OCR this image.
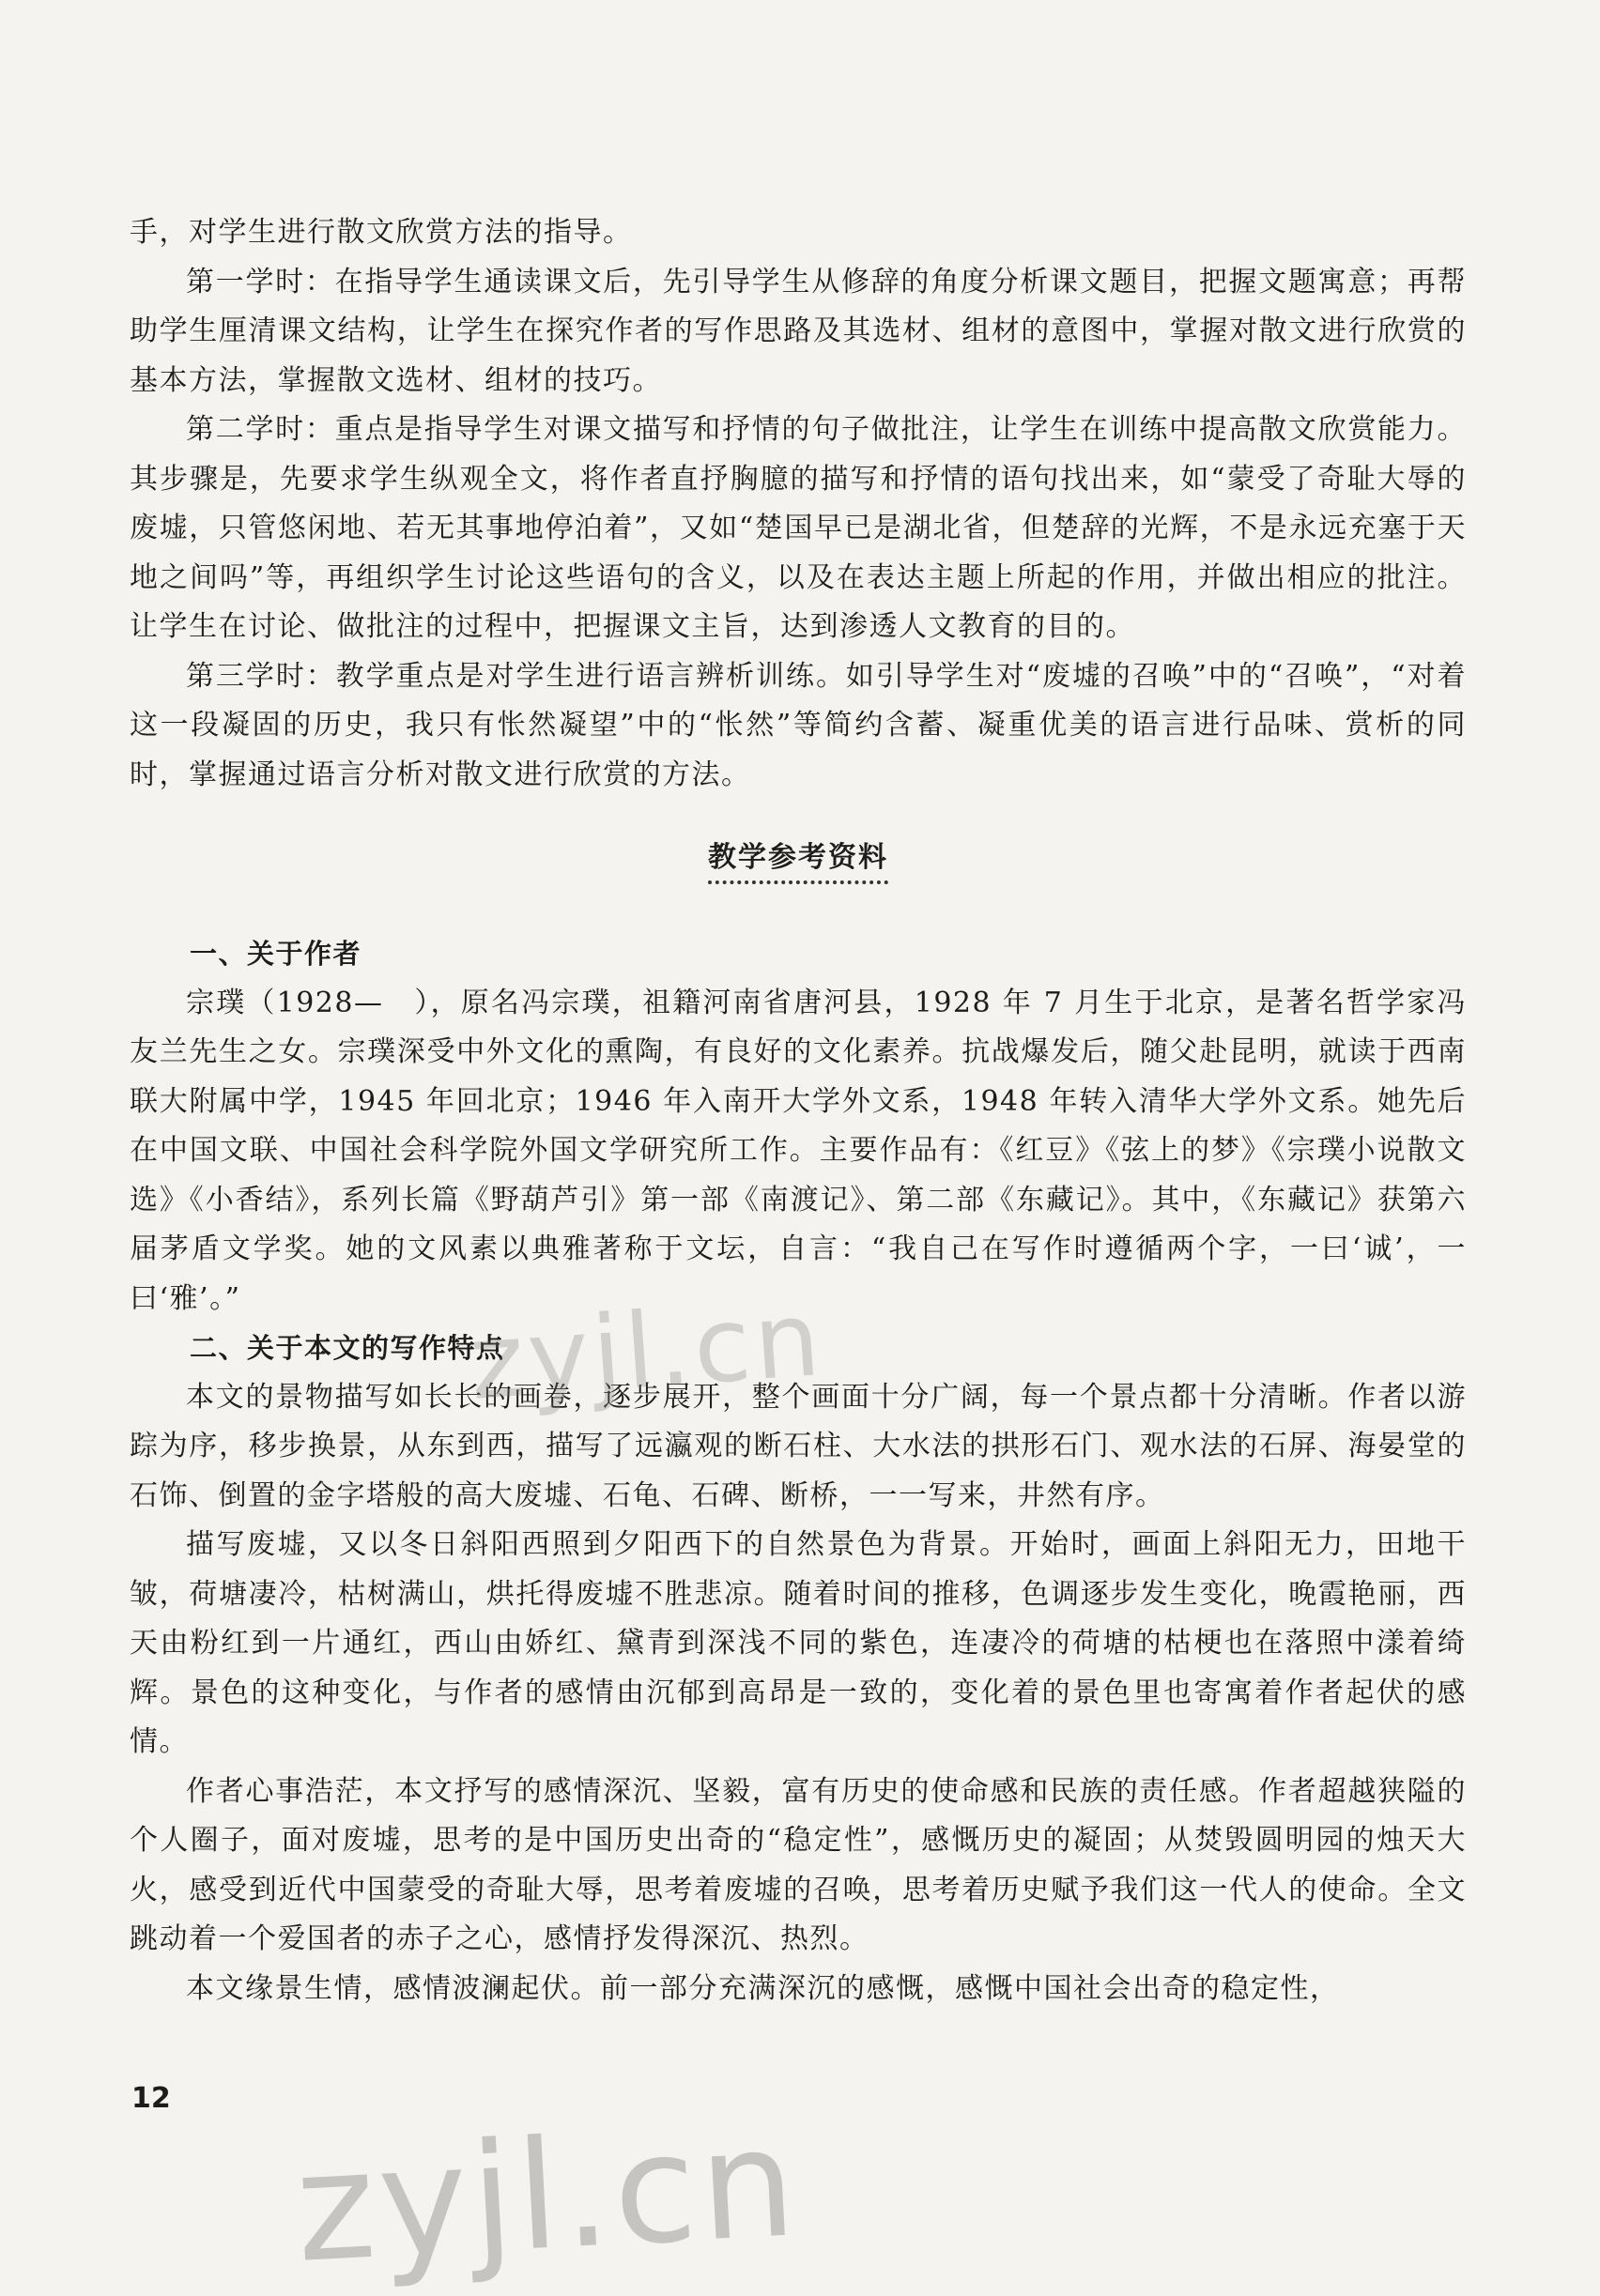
手，对学生进行散文欣赏方法的指导。

第一学时：在指导学生通读课文后，先引导学生从修辞的角度分析课文题目，把握文题寓意；再帮助学生厘清课文结构，让学生在探究作者的写作思路及其选材、组材的意图中，掌握对散文进行欣赏的基本方法，掌握散文选材、组材的技巧。

第二学时：重点是指导学生对课文描写和抒情的句子做批注，让学生在训练中提高散文欣赏能力。其步骤是，先要求学生纵观全文，将作者直抒胸臆的描写和抒情的语句找出来，如“蒙受了奇耻大辱的废墟，只管悠闲地、若无其事地停泊着”，又如“楚国早已是湖北省，但楚辞的光辉，不是永远充塞于天地之间吗”等，再组织学生讨论这些语句的含义，以及在表达主题上所起的作用，并做出相应的批注。让学生在讨论、做批注的过程中，把握课文主旨，达到渗透人文教育的目的。

第三学时：教学重点是对学生进行语言辨析训练。如引导学生对“废墟的召唤”中的“召唤”，“对着这一段凝固的历史，我只有怅然凝望”中的“怅然”等简约含蓄、凝重优美的语言进行品味、赏析的同时，掌握通过语言分析对散文进行欣赏的方法。

教学参考资料

一、关于作者

宗璞（1928—　），原名冯宗璞，祖籍河南省唐河县，1928 年 7 月生于北京，是著名哲学家冯友兰先生之女。宗璞深受中外文化的熏陶，有良好的文化素养。抗战爆发后，随父赴昆明，就读于西南联大附属中学，1945 年回北京；1946 年入南开大学外文系，1948 年转入清华大学外文系。她先后在中国文联、中国社会科学院外国文学研究所工作。主要作品有：《红豆》《弦上的梦》《宗璞小说散文选》《小香结》，系列长篇《野葫芦引》第一部《南渡记》、第二部《东藏记》。其中，《东藏记》获第六届茅盾文学奖。她的文风素以典雅著称于文坛，自言：“我自己在写作时遵循两个字，一曰‘诚’，一曰‘雅’。”

二、关于本文的写作特点

本文的景物描写如长长的画卷，逐步展开，整个画面十分广阔，每一个景点都十分清晰。作者以游踪为序，移步换景，从东到西，描写了远瀛观的断石柱、大水法的拱形石门、观水法的石屏、海晏堂的石饰、倒置的金字塔般的高大废墟、石龟、石碑、断桥，一一写来，井然有序。

描写废墟，又以冬日斜阳西照到夕阳西下的自然景色为背景。开始时，画面上斜阳无力，田地干皱，荷塘凄冷，枯树满山，烘托得废墟不胜悲凉。随着时间的推移，色调逐步发生变化，晚霞艳丽，西天由粉红到一片通红，西山由娇红、黛青到深浅不同的紫色，连凄冷的荷塘的枯梗也在落照中漾着绮辉。景色的这种变化，与作者的感情由沉郁到高昂是一致的，变化着的景色里也寄寓着作者起伏的感情。

作者心事浩茫，本文抒写的感情深沉、坚毅，富有历史的使命感和民族的责任感。作者超越狭隘的个人圈子，面对废墟，思考的是中国历史出奇的“稳定性”，感慨历史的凝固；从焚毁圆明园的烛天大火，感受到近代中国蒙受的奇耻大辱，思考着废墟的召唤，思考着历史赋予我们这一代人的使命。全文跳动着一个爱国者的赤子之心，感情抒发得深沉、热烈。

本文缘景生情，感情波澜起伏。前一部分充满深沉的感慨，感慨中国社会出奇的稳定性，

12
zyjl.cn
zyjl.cn
